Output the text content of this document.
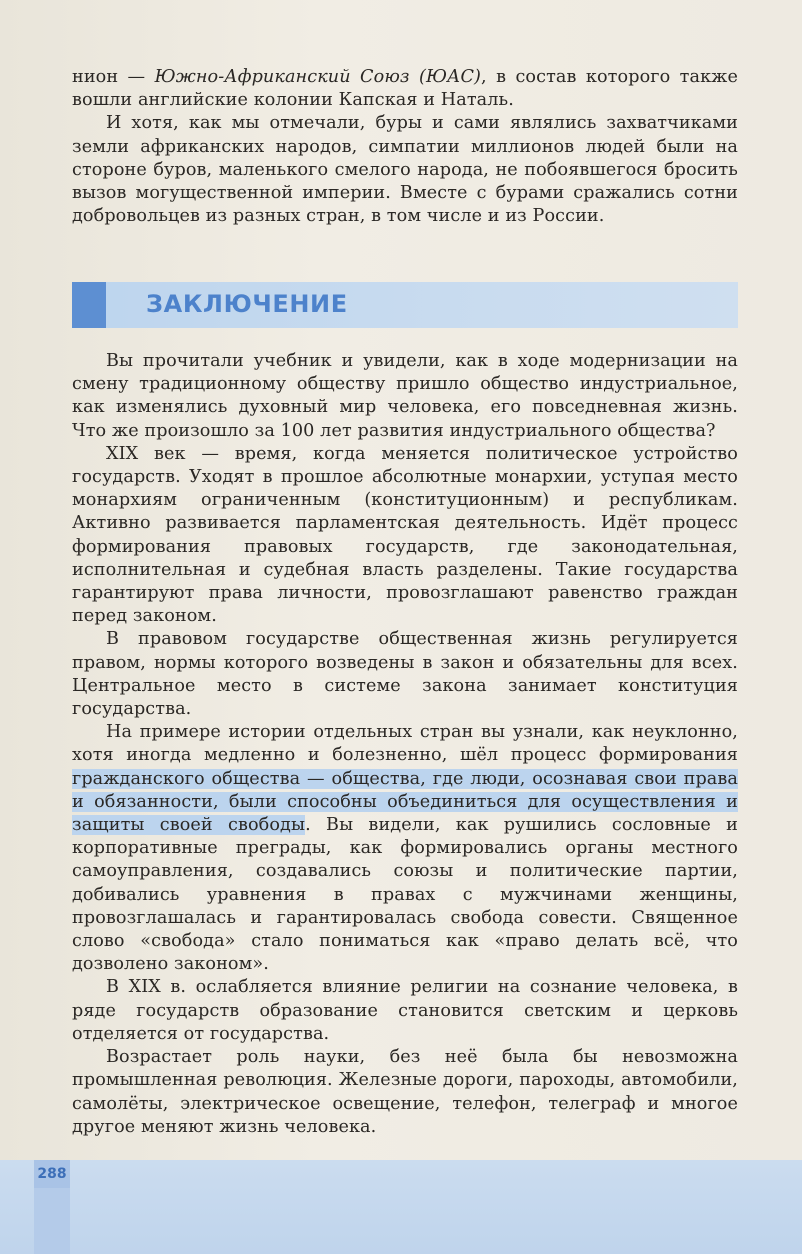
нион — Южно-Африканский Союз (ЮАС), в состав которого также вошли английские колонии Капская и Наталь.

И хотя, как мы отмечали, буры и сами являлись захватчиками земли африканских народов, симпатии миллионов людей были на стороне буров, маленького смелого народа, не побоявшегося бросить вызов могущественной империи. Вместе с бурами сражались сотни добровольцев из разных стран, в том числе и из России.

ЗАКЛЮЧЕНИЕ

Вы прочитали учебник и увидели, как в ходе модернизации на смену традиционному обществу пришло общество индустриальное, как изменялись духовный мир человека, его повседневная жизнь. Что же произошло за 100 лет развития индустриального общества?

XIX век — время, когда меняется политическое устройство государств. Уходят в прошлое абсолютные монархии, уступая место монархиям ограниченным (конституционным) и республикам. Активно развивается парламентская деятельность. Идёт процесс формирования правовых государств, где законодательная, исполнительная и судебная власть разделены. Такие государства гарантируют права личности, провозглашают равенство граждан перед законом.

В правовом государстве общественная жизнь регулируется правом, нормы которого возведены в закон и обязательны для всех. Центральное место в системе закона занимает конституция государства.

На примере истории отдельных стран вы узнали, как неуклонно, хотя иногда медленно и болезненно, шёл процесс формирования гражданского общества — общества, где люди, осознавая свои права и обязанности, были способны объединиться для осуществления и защиты своей свободы. Вы видели, как рушились сословные и корпоративные преграды, как формировались органы местного самоуправления, создавались союзы и политические партии, добивались уравнения в правах с мужчинами женщины, провозглашалась и гарантировалась свобода совести. Священное слово «свобода» стало пониматься как «право делать всё, что дозволено законом».

В XIX в. ослабляется влияние религии на сознание человека, в ряде государств образование становится светским и церковь отделяется от государства.

Возрастает роль науки, без неё была бы невозможна промышленная революция. Железные дороги, пароходы, автомобили, самолёты, электрическое освещение, телефон, телеграф и многое другое меняют жизнь человека.

288
